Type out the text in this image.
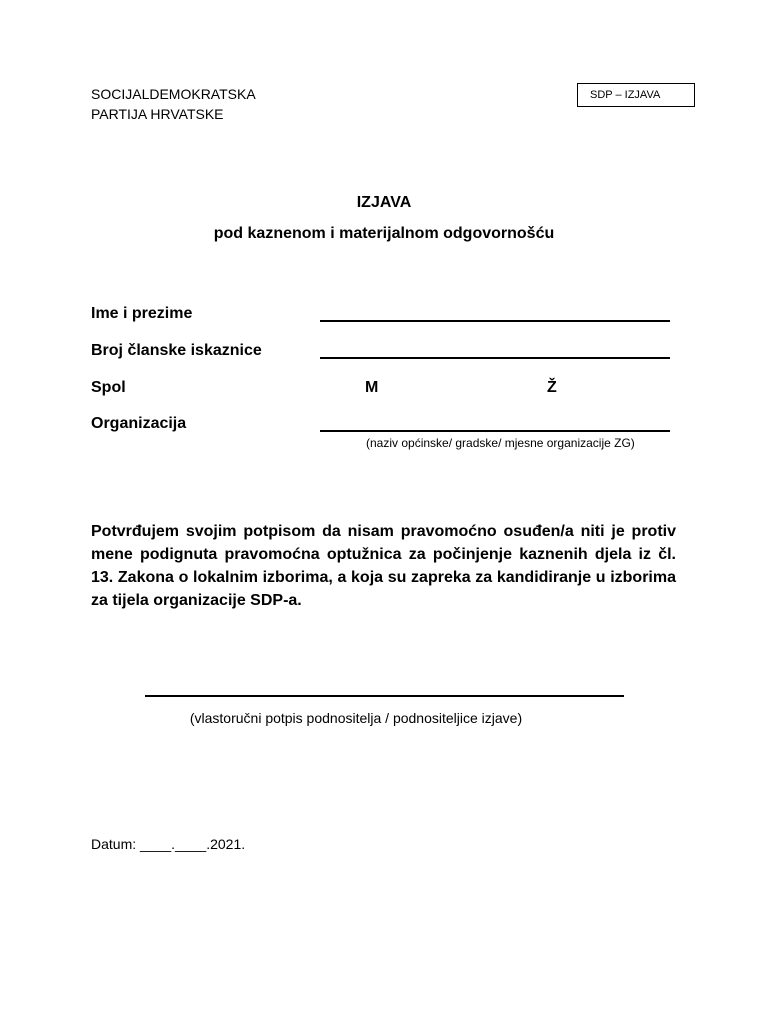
SOCIJALDEMOKRATSKA
PARTIJA HRVATSKE
SDP – IZJAVA
IZJAVA
pod kaznenom i materijalnom odgovornošću
Ime i prezime
Broj članske iskaznice
Spol	M	Ž
Organizacija
(naziv općinske/ gradske/ mjesne organizacije ZG)
Potvrđujem svojim potpisom da nisam pravomoćno osuđen/a niti je protiv mene podignuta pravomoćna optužnica za počinjenje kaznenih djela iz čl. 13. Zakona o lokalnim izborima, a koja su zapreka za kandidiranje u izborima za tijela organizacije SDP-a.
(vlastoručni potpis podnositelja / podnositeljice izjave)
Datum: ____.____.2021.
